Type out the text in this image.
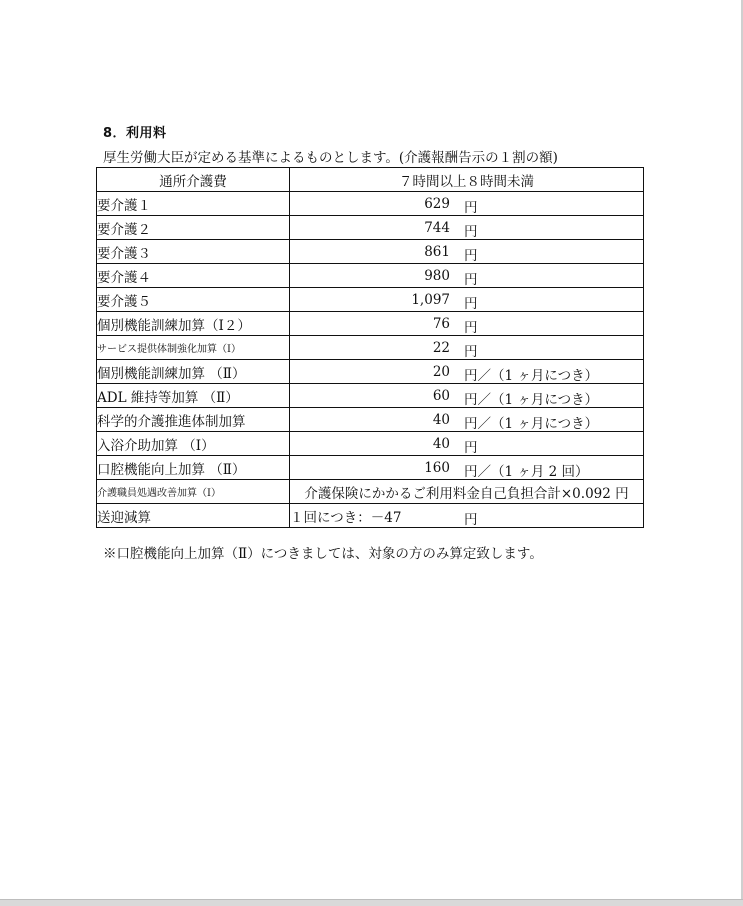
8．利用料
厚生労働大臣が定める基準によるものとします。(介護報酬告示の１割の額)
通所介護費	７時間以上８時間未満
要介護１	629 円

要介護２	744 円

要介護３	861 円

要介護４	980 円

要介護５	1,097 円

個別機能訓練加算（Ⅰ２）	76 円

サービス提供体制強化加算（Ⅰ）	22 円

個別機能訓練加算 （Ⅱ）	20 円／（1 ヶ月につき）

ADL 維持等加算 （Ⅱ）	60 円／（1 ヶ月につき）

科学的介護推進体制加算	40 円／（1 ヶ月につき）

入浴介助加算 （Ⅰ）	40 円

口腔機能向上加算 （Ⅱ）	160 円／（1 ヶ月 2 回）

介護職員処遇改善加算（Ⅰ）	介護保険にかかるご利用料金自己負担合計×0.092 円
送迎減算	１回につき：－47 円
※口腔機能向上加算（Ⅱ）につきましては、対象の方のみ算定致します。
